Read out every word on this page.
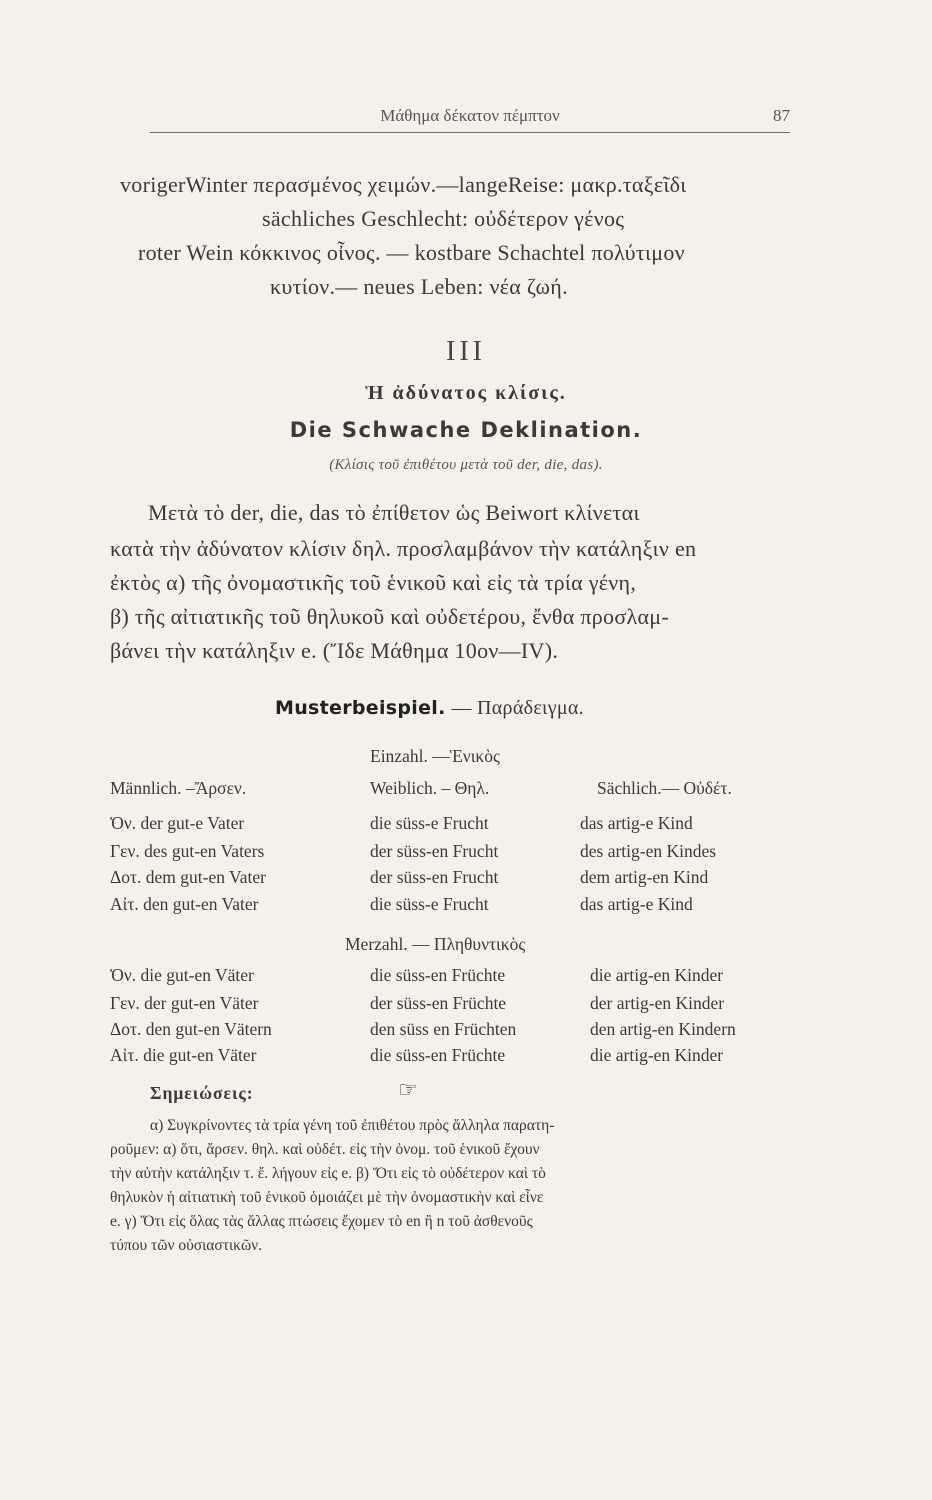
Μάθημα δέκατον πέμπτον	87
vorigerWinter περασμένος χειμών.—langeReise: μακρ.ταξεῖδι
sächliches Geschlecht: οὐδέτερον γένος
roter Wein κόκκινος οἶνος. — kostbare Schachtel πολύτιμον
κυτίον.— neues Leben: νέα ζωή.
III
Ἡ ἀδύνατος κλίσις.
Die Schwache Deklination.
(Κλίσις τοῦ ἐπιθέτου μετὰ τοῦ der, die, das).
Μετὰ τὸ der, die, das τὸ ἐπίθετον ὡς Beiwort κλίνεται
κατὰ τὴν ἀδύνατον κλίσιν δηλ. προσλαμβάνον τὴν κατάληξιν en
ἐκτὸς α) τῆς ὀνομαστικῆς τοῦ ἑνικοῦ καὶ εἰς τὰ τρία γένη,
β) τῆς αἰτιατικῆς τοῦ θηλυκοῦ καὶ οὐδετέρου, ἔνθα προσλαμ-
βάνει τὴν κατάληξιν e. (Ἴδε Μάθημα 10ον—IV).
Musterbeispiel. — Παράδειγμα.
Einzahl. —Ἑνικὸς
Männlich. –Ἄρσεν.	Weiblich. – Θηλ.	Sächlich.— Οὐδέτ.
Ὀν. der gut-e Vater	die süss-e Frucht	das artig-e Kind
Γεν. des gut-en Vaters	der süss-en Frucht	des artig-en Kindes
Δοτ. dem gut-en Vater	der süss-en Frucht	dem artig-en Kind
Αἰτ. den gut-en Vater	die süss-e Frucht	das artig-e Kind
Merzahl. — Πληθυντικὸς
Ὀν. die gut-en Väter	die süss-en Früchte	die artig-en Kinder
Γεν. der gut-en Väter	der süss-en Früchte	der artig-en Kinder
Δοτ. den gut-en Vätern	den süss en Früchten	den artig-en Kindern
Αἰτ. die gut-en Väter	die süss-en Früchte	die artig-en Kinder
Σημειώσεις:	☞
α) Συγκρίνοντες τὰ τρία γένη τοῦ ἐπιθέτου πρὸς ἄλληλα παρατη-
ροῦμεν: α) ὅτι, ἄρσεν. θηλ. καὶ οὐδέτ. εἰς τὴν ὀνομ. τοῦ ἑνικοῦ ἔχουν
τὴν αὐτὴν κατάληξιν τ. ἔ. λήγουν εἰς e. β) Ὅτι εἰς τὸ οὐδέτερον καὶ τὸ
θηλυκὸν ἡ αἰτιατικὴ τοῦ ἑνικοῦ ὁμοιάζει μὲ τὴν ὀνομαστικὴν καὶ εἶνε
e. γ) Ὅτι εἰς ὅλας τὰς ἄλλας πτώσεις ἔχομεν τὸ en ἢ n τοῦ ἀσθενοῦς
τύπου τῶν οὐσιαστικῶν.
